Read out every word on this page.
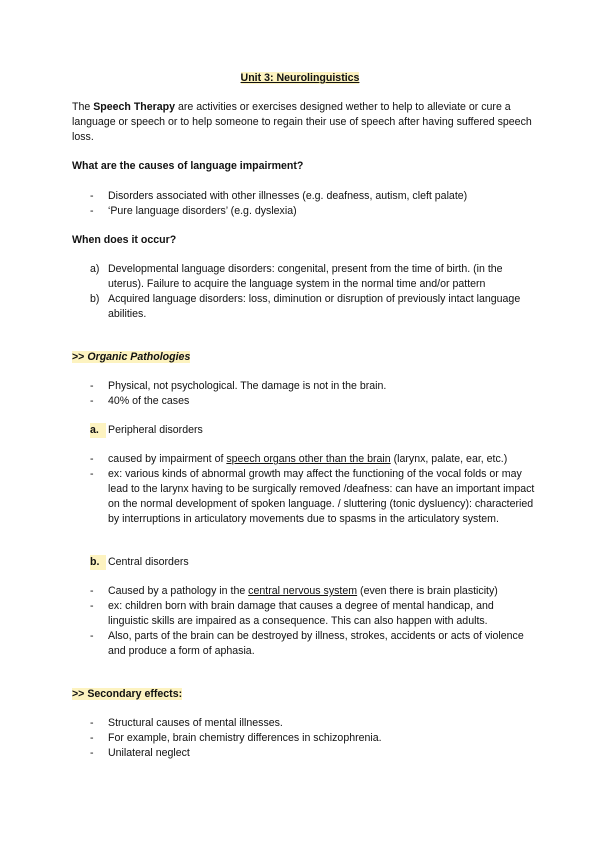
Unit 3: Neurolinguistics
The Speech Therapy are activities or exercises designed wether to help to alleviate or cure a language or speech or to help someone to regain their use of speech after having suffered speech loss.
What are the causes of language impairment?
-	Disorders associated with other illnesses (e.g. deafness, autism, cleft palate)
-	‘Pure language disorders’ (e.g. dyslexia)
When does it occur?
a) Developmental language disorders: congenital, present from the time of birth. (in the uterus). Failure to acquire the language system in the normal time and/or pattern
b) Acquired language disorders: loss, diminution or disruption of previously intact language abilities.
>> Organic Pathologies
-	Physical, not psychological. The damage is not in the brain.
-	40% of the cases
a. Peripheral disorders
-	caused by impairment of speech organs other than the brain (larynx, palate, ear, etc.)
-	ex: various kinds of abnormal growth may affect the functioning of the vocal folds or may lead to the larynx having to be surgically removed /deafness: can have an important impact on the normal development of spoken language. / sluttering (tonic dysluency): characteried by interruptions in articulatory movements due to spasms in the articulatory system.
b. Central disorders
-	Caused by a pathology in the central nervous system (even there is brain plasticity)
-	ex: children born with brain damage that causes a degree of mental handicap, and linguistic skills are impaired as a consequence. This can also happen with adults.
-	Also, parts of the brain can be destroyed by illness, strokes, accidents or acts of violence and produce a form of aphasia.
>> Secondary effects:
-	Structural causes of mental illnesses.
-	For example, brain chemistry differences in schizophrenia.
-	Unilateral neglect
